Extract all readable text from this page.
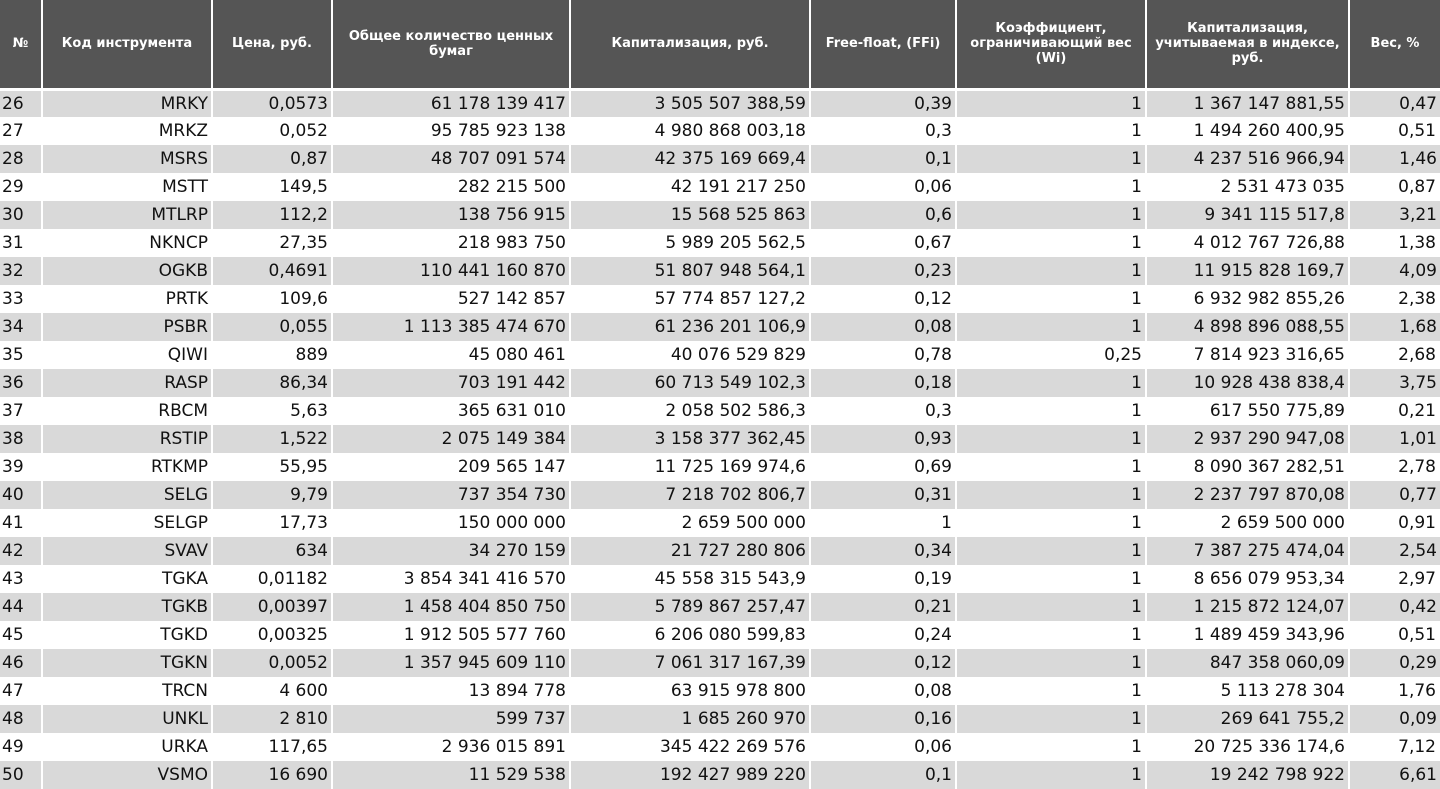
№	Код инструмента	Цена, руб.	Общее количество ценных бумаг	Капитализация, руб.	Free-float, (FFi)	Коэффициент, ограничивающий вес (Wi)	Капитализация, учитываемая в индексе, руб.	Вес, %
26	MRKY	0,0573	61 178 139 417	3 505 507 388,59	0,39	1	1 367 147 881,55	0,47
27	MRKZ	0,052	95 785 923 138	4 980 868 003,18	0,3	1	1 494 260 400,95	0,51
28	MSRS	0,87	48 707 091 574	42 375 169 669,4	0,1	1	4 237 516 966,94	1,46
29	MSTT	149,5	282 215 500	42 191 217 250	0,06	1	2 531 473 035	0,87
30	MTLRP	112,2	138 756 915	15 568 525 863	0,6	1	9 341 115 517,8	3,21
31	NKNCP	27,35	218 983 750	5 989 205 562,5	0,67	1	4 012 767 726,88	1,38
32	OGKB	0,4691	110 441 160 870	51 807 948 564,1	0,23	1	11 915 828 169,7	4,09
33	PRTK	109,6	527 142 857	57 774 857 127,2	0,12	1	6 932 982 855,26	2,38
34	PSBR	0,055	1 113 385 474 670	61 236 201 106,9	0,08	1	4 898 896 088,55	1,68
35	QIWI	889	45 080 461	40 076 529 829	0,78	0,25	7 814 923 316,65	2,68
36	RASP	86,34	703 191 442	60 713 549 102,3	0,18	1	10 928 438 838,4	3,75
37	RBCM	5,63	365 631 010	2 058 502 586,3	0,3	1	617 550 775,89	0,21
38	RSTIP	1,522	2 075 149 384	3 158 377 362,45	0,93	1	2 937 290 947,08	1,01
39	RTKMP	55,95	209 565 147	11 725 169 974,6	0,69	1	8 090 367 282,51	2,78
40	SELG	9,79	737 354 730	7 218 702 806,7	0,31	1	2 237 797 870,08	0,77
41	SELGP	17,73	150 000 000	2 659 500 000	1	1	2 659 500 000	0,91
42	SVAV	634	34 270 159	21 727 280 806	0,34	1	7 387 275 474,04	2,54
43	TGKA	0,01182	3 854 341 416 570	45 558 315 543,9	0,19	1	8 656 079 953,34	2,97
44	TGKB	0,00397	1 458 404 850 750	5 789 867 257,47	0,21	1	1 215 872 124,07	0,42
45	TGKD	0,00325	1 912 505 577 760	6 206 080 599,83	0,24	1	1 489 459 343,96	0,51
46	TGKN	0,0052	1 357 945 609 110	7 061 317 167,39	0,12	1	847 358 060,09	0,29
47	TRCN	4 600	13 894 778	63 915 978 800	0,08	1	5 113 278 304	1,76
48	UNKL	2 810	599 737	1 685 260 970	0,16	1	269 641 755,2	0,09
49	URKA	117,65	2 936 015 891	345 422 269 576	0,06	1	20 725 336 174,6	7,12
50	VSMO	16 690	11 529 538	192 427 989 220	0,1	1	19 242 798 922	6,61
